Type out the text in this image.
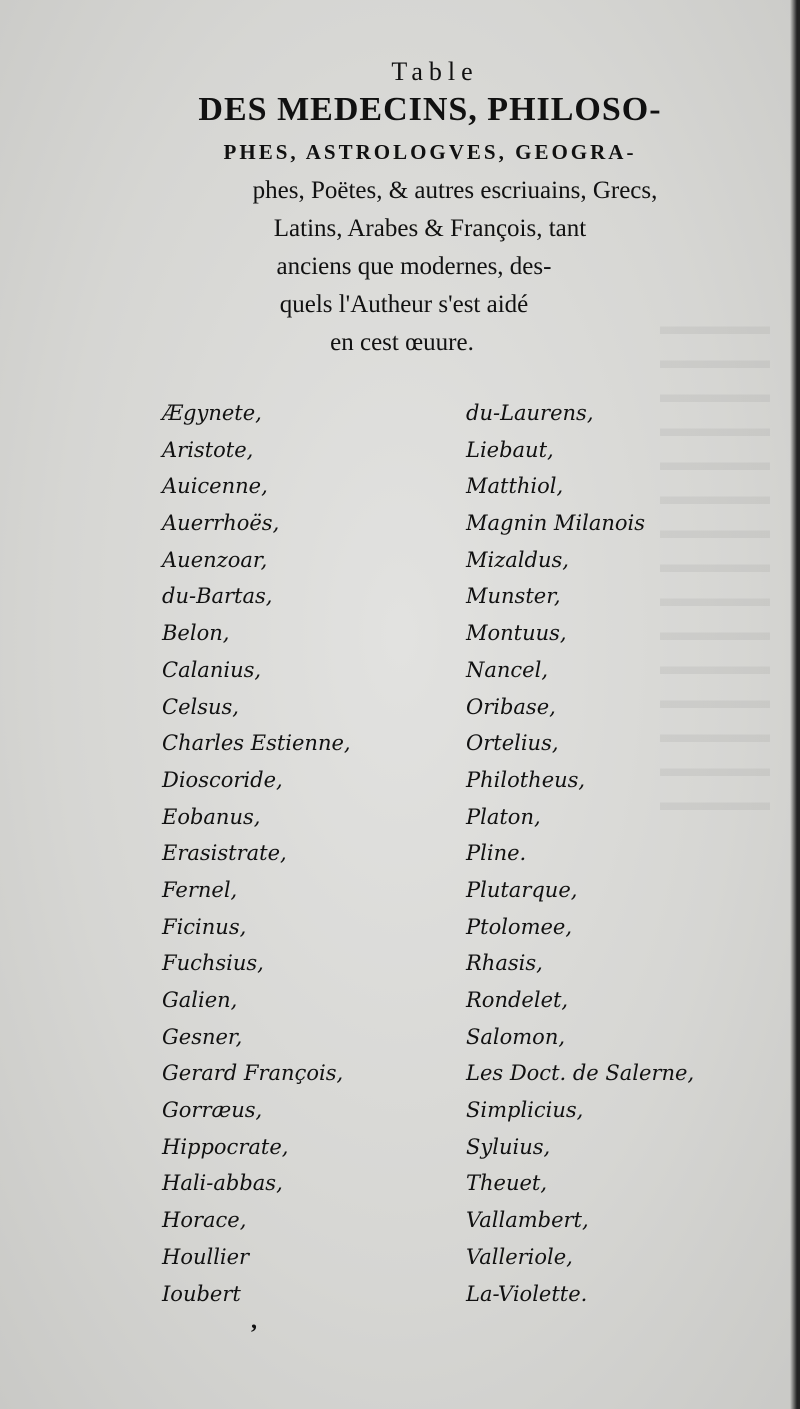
Table
DES MEDECINS, PHILOSO-
PHES, ASTROLOGVES, GEOGRA-
phes, Poëtes, & autres escriuains, Grecs,
Latins, Arabes & François, tant
anciens que modernes, des-
quels l'Autheur s'est aidé
en cest œuure.
Ægynete,
Aristote,
Auicenne,
Auerrhoës,
Auenzoar,
du-Bartas,
Belon,
Calanius,
Celsus,
Charles Estienne,
Dioscoride,
Eobanus,
Erasistrate,
Fernel,
Ficinus,
Fuchsius,
Galien,
Gesner,
Gerard François,
Gorræus,
Hippocrate,
Hali-abbas,
Horace,
Houllier
Ioubert
du-Laurens,
Liebaut,
Matthiol,
Magnin Milanois
Mizaldus,
Munster,
Montuus,
Nancel,
Oribase,
Ortelius,
Philotheus,
Platon,
Pline.
Plutarque,
Ptolomee,
Rhasis,
Rondelet,
Salomon,
Les Doct. de Salerne,
Simplicius,
Syluius,
Theuet,
Vallambert,
Valleriole,
La-Violette.
,
